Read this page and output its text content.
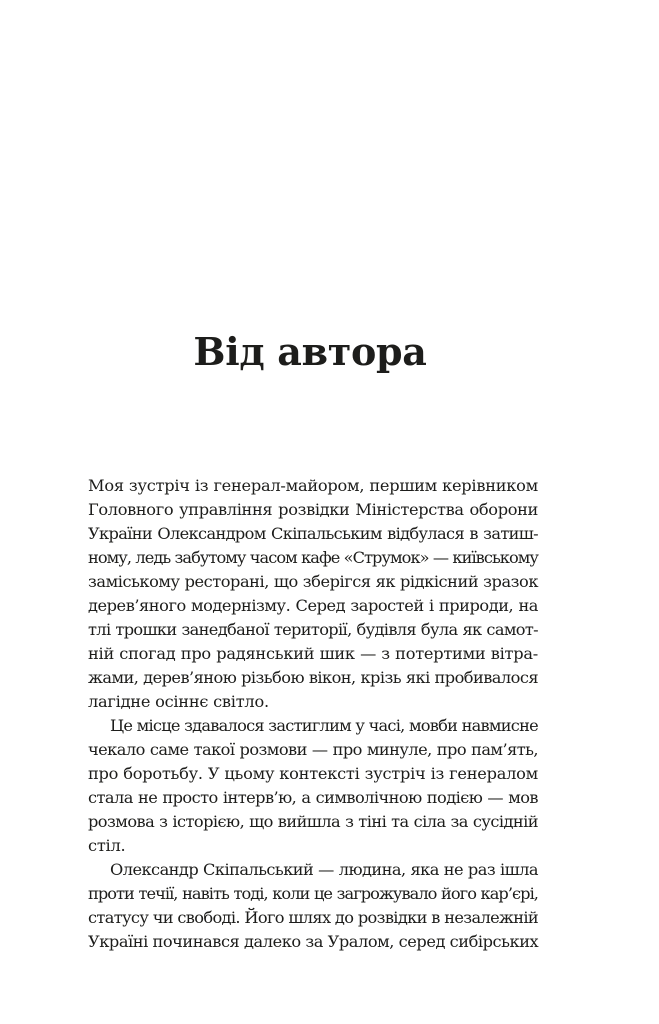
Від автора

Моя зустріч із генерал-майором, першим керівником
Головного управління розвідки Міністерства оборони
України Олександром Скіпальським відбулася в затиш-
ному, ледь забутому часом кафе «Струмок» — київському
заміському ресторані, що зберігся як рідкісний зразок
дерев’яного модернізму. Серед заростей і природи, на
тлі трошки занедбаної території, будівля була як самот-
ній спогад про радянський шик — з потертими вітра-
жами, дерев’яною різьбою вікон, крізь які пробивалося
лагідне осіннє світло.

Це місце здавалося застиглим у часі, мовби навмисне
чекало саме такої розмови — про минуле, про пам’ять,
про боротьбу. У цьому контексті зустріч із генералом
стала не просто інтерв’ю, а символічною подією — мов
розмова з історією, що вийшла з тіні та сіла за сусідній
стіл.

Олександр Скіпальський — людина, яка не раз ішла
проти течії, навіть тоді, коли це загрожувало його кар’єрі,
статусу чи свободі. Його шлях до розвідки в незалежній
Україні починався далеко за Уралом, серед сибірських
